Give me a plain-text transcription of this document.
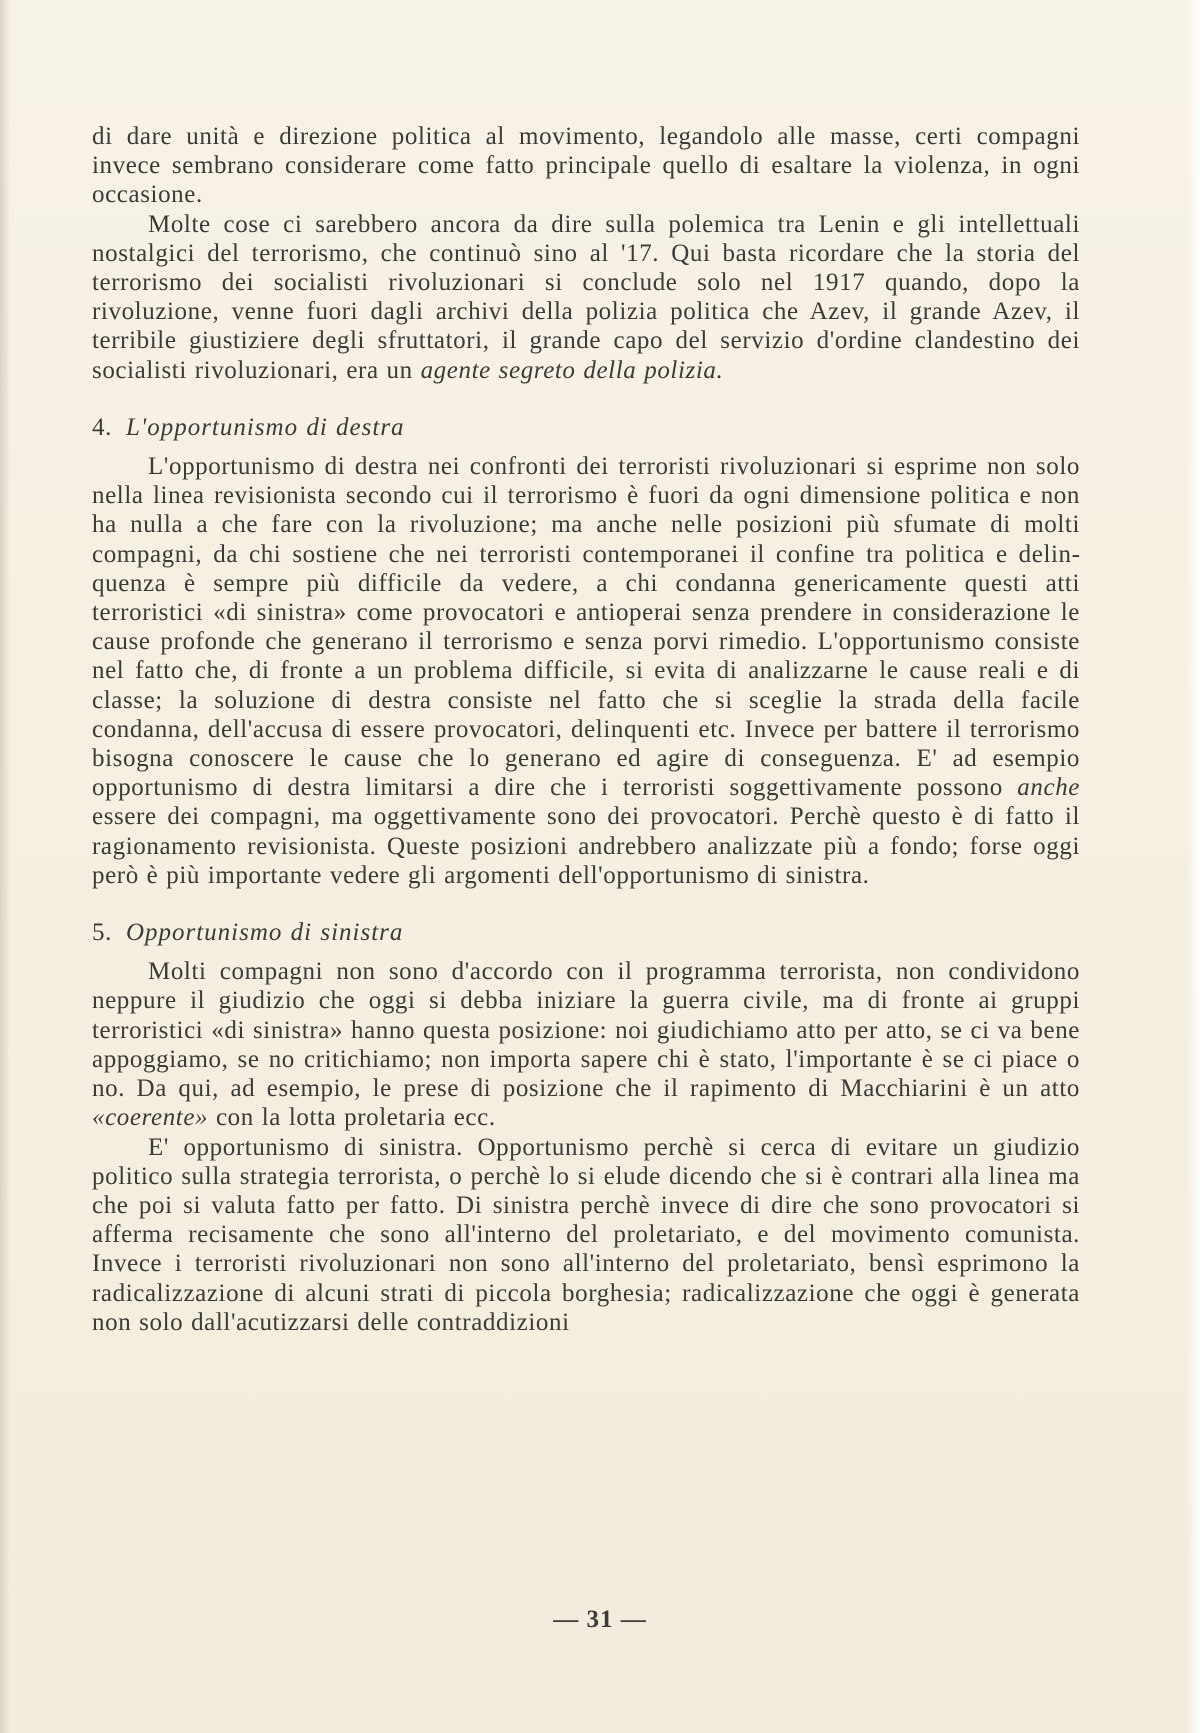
di dare unità e direzione politica al movimento, legandolo alle masse, certi compagni invece sembrano considerare come fatto principale quello di esaltare la violenza, in ogni occasione.

Molte cose ci sarebbero ancora da dire sulla polemica tra Lenin e gli intellettuali nostalgici del terrorismo, che continuò sino al '17. Qui basta ricordare che la storia del terrorismo dei socialisti rivoluzionari si conclude solo nel 1917 quando, dopo la rivoluzione, venne fuori dagli archivi della polizia politica che Azev, il grande Azev, il terribile giustiziere degli sfruttatori, il grande capo del servizio d'ordine clandestino dei socialisti rivoluzionari, era un agente segreto della polizia.

4. L'opportunismo di destra

L'opportunismo di destra nei confronti dei terroristi rivoluzionari si esprime non solo nella linea revisionista secondo cui il terrorismo è fuori da ogni dimensione politica e non ha nulla a che fare con la rivoluzione; ma anche nelle posizioni più sfumate di molti compagni, da chi sostiene che nei terroristi contemporanei il confine tra politica e delinquenza è sempre più difficile da vedere, a chi condanna genericamente questi atti terroristici «di sinistra» come provocatori e antioperai senza prendere in considerazione le cause profonde che generano il terrorismo e senza porvi rimedio. L'opportunismo consiste nel fatto che, di fronte a un problema difficile, si evita di analizzarne le cause reali e di classe; la soluzione di destra consiste nel fatto che si sceglie la strada della facile condanna, dell'accusa di essere provocatori, delinquenti etc. Invece per battere il terrorismo bisogna conoscere le cause che lo generano ed agire di conseguenza. E' ad esempio opportunismo di destra limitarsi a dire che i terroristi soggettivamente possono anche essere dei compagni, ma oggettivamente sono dei provocatori. Perchè questo è di fatto il ragionamento revisionista. Queste posizioni andrebbero analizzate più a fondo; forse oggi però è più importante vedere gli argomenti dell'opportunismo di sinistra.

5. Opportunismo di sinistra

Molti compagni non sono d'accordo con il programma terrorista, non condividono neppure il giudizio che oggi si debba iniziare la guerra civile, ma di fronte ai gruppi terroristici «di sinistra» hanno questa posizione: noi giudichiamo atto per atto, se ci va bene appoggiamo, se no critichiamo; non importa sapere chi è stato, l'importante è se ci piace o no. Da qui, ad esempio, le prese di posizione che il rapimento di Macchiarini è un atto «coerente» con la lotta proletaria ecc.

E' opportunismo di sinistra. Opportunismo perchè si cerca di evitare un giudizio politico sulla strategia terrorista, o perchè lo si elude dicendo che si è contrari alla linea ma che poi si valuta fatto per fatto. Di sinistra perchè invece di dire che sono provocatori si afferma recisamente che sono all'interno del proletariato, e del movimento comunista. Invece i terroristi rivoluzionari non sono all'interno del proletariato, bensì esprimono la radicalizzazione di alcuni strati di piccola borghesia; radicalizzazione che oggi è generata non solo dall'acutizzarsi delle contraddizioni

— 31 —
